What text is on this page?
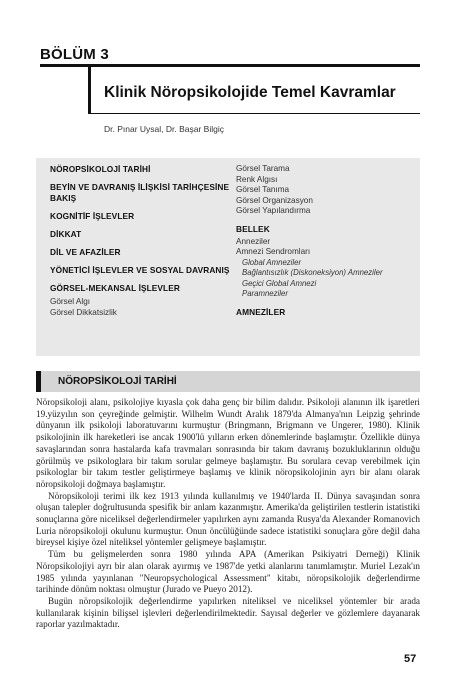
BÖLÜM 3
Klinik Nöropsikolojide Temel Kavramlar
Dr. Pınar Uysal, Dr. Başar Bilgiç
NÖROPSİKOLOJİ TARİHİ
BEYİN VE DAVRANIŞ İLİŞKİSİ TARİHÇESİNE
BAKIŞ
KOGNİTİF İŞLEVLER
DİKKAT
DİL VE AFAZİLER
YÖNETİCİ İŞLEVLER VE SOSYAL DAVRANIŞ
GÖRSEL-MEKANSAL İŞLEVLER
Görsel Algı
Görsel Dikkatsizlik
Görsel Tarama
Renk Algısı
Görsel Tanıma
Görsel Organizasyon
Görsel Yapılandırma
BELLEK
Anneziler
Amnezi Sendromları
Global Amneziler
Bağlantısızlık (Diskoneksiyon) Amneziler
Geçici Global Amnezi
Paramneziler
AMNEZİLER
NÖROPSİKOLOJİ TARİHİ

Nöropsikoloji alanı, psikolojiye kıyasla çok daha genç bir bilim dalıdır. Psikoloji alanının ilk işaretleri 19.yüzyılın son çeyreğinde gelmiştir. Wilhelm Wundt Aralık 1879'da Almanya'nın Leipzig şehrinde dünyanın ilk psikoloji laboratuvarını kurmuştur (Bringmann, Brigmann ve Ungerer, 1980). Klinik psikolojinin ilk hareketleri ise ancak 1900'lü yılların erken dönemlerinde başlamıştır. Özellikle dünya savaşlarından sonra hastalarda kafa travmaları sonrasında bir takım davranış bozukluklarının olduğu görülmüş ve psikologlara bir takım sorular gelmeye başlamıştır. Bu sorulara cevap verebilmek için psikologlar bir takım testler geliştirmeye başlamış ve klinik nöropsikolojinin ayrı bir alanı olarak nöropsikoloji doğmaya başlamıştır.

Nöropsikoloji terimi ilk kez 1913 yılında kullanılmış ve 1940'larda II. Dünya savaşından sonra oluşan talepler doğrultusunda spesifik bir anlam kazanmıştır. Amerika'da geliştirilen testlerin istatistiki sonuçlarına göre niceliksel değerlendirmeler yapılırken aynı zamanda Rusya'da Alexander Romanovich Luria nöropsikoloji okulunu kurmuştur. Onun öncülüğünde sadece istatistiki sonuçlara göre değil daha bireysel kişiye özel niteliksel yöntemler gelişmeye başlamıştır.

Tüm bu gelişmelerden sonra 1980 yılında APA (Amerikan Psikiyatri Derneği) Klinik Nöropsikolojiyi ayrı bir alan olarak ayırmış ve 1987'de yetki alanlarını tanımlamıştır. Muriel Lezak'ın 1985 yılında yayınlanan "Neuropsychological Assessment" kitabı, nöropsikolojik değerlendirme tarihinde dönüm noktası olmuştur (Jurado ve Pueyo 2012).

Bugün nöropsikolojik değerlendirme yapılırken niteliksel ve niceliksel yöntemler bir arada kullanılarak kişinin bilişsel işlevleri değerlendirilmektedir. Sayısal değerler ve gözlemlere dayanarak raporlar yazılmaktadır.

57
